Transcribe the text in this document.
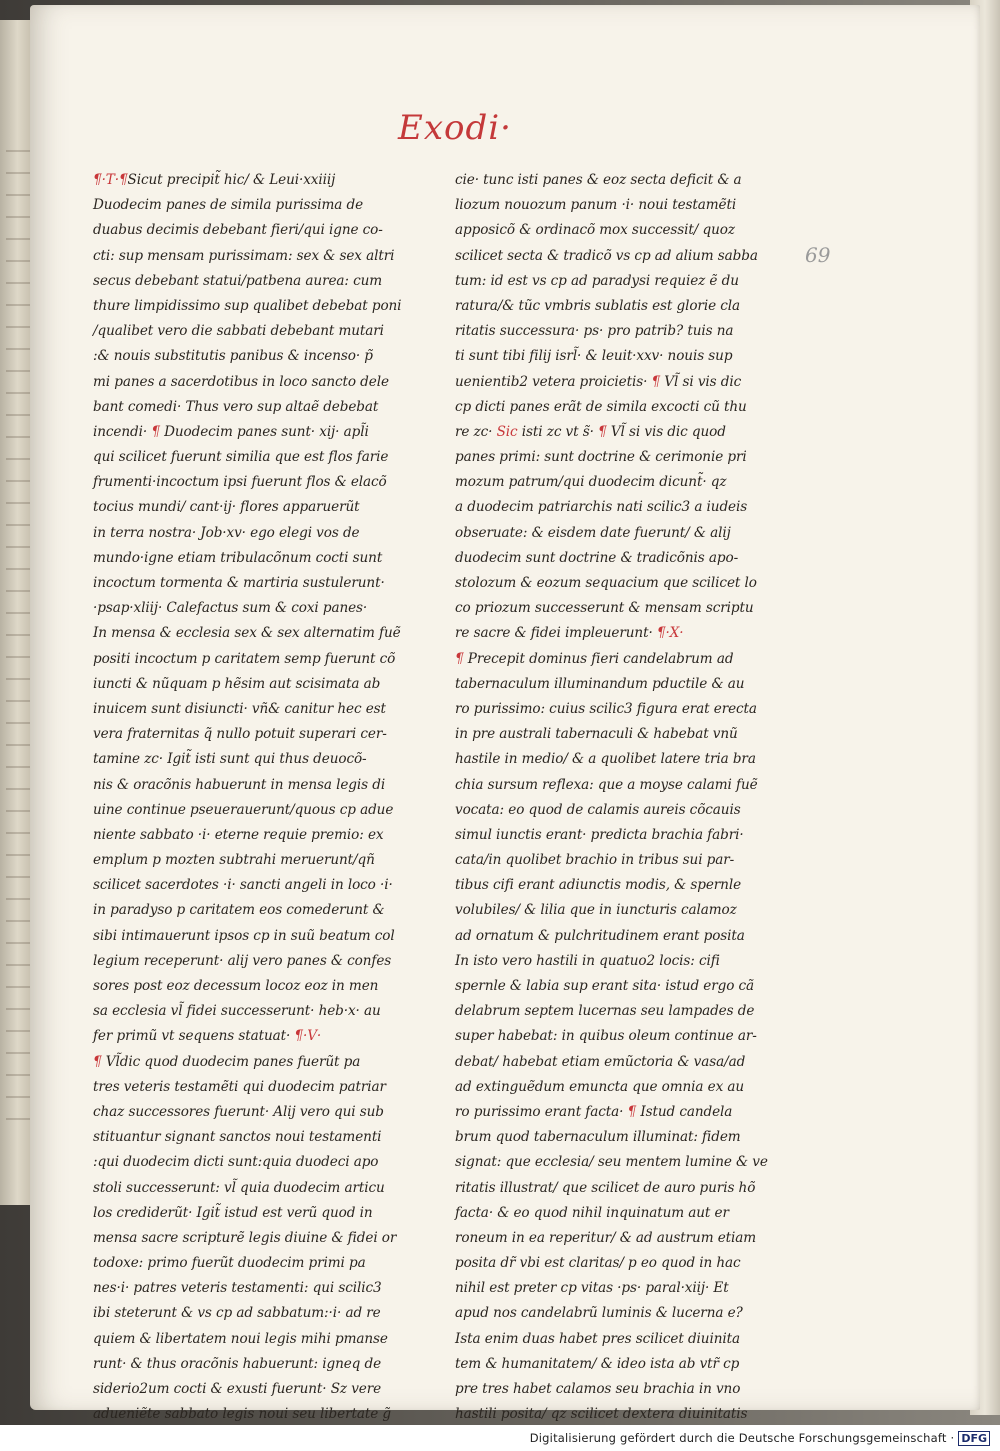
Exodi·
69
¶·T·¶Sicut precipit̃ hic/ & Leui·xxiiij
Duodecim panes de simila purissima de
duabus decimis debebant fieri/qui igne co-
cti: sup mensam purissimam: sex & sex altri
secus debebant statui/patbena aurea: cum
thure limpidissimo sup qualibet debebat poni
/qualibet vero die sabbati debebant mutari
:& nouis substitutis panibus & incenso· p̃
mi panes a sacerdotibus in loco sancto dele
bant comedi· Thus vero sup altaẽ debebat
incendi· ¶ Duodecim panes sunt· xij· apl̃i
qui scilicet fuerunt similia que est flos farie
frumenti·incoctum ipsi fuerunt flos & elacõ
tocius mundi/ cant·ij· flores apparuerũt
in terra nostra· Job·xv· ego elegi vos de
mundo·igne etiam tribulacõnum cocti sunt
incoctum tormenta & martiria sustulerunt·
·psap·xliij· Calefactus sum & coxi panes·
In mensa & ecclesia sex & sex alternatim fuẽ
positi incoctum p caritatem semp fuerunt cõ
iuncti & nũquam p hẽsim aut scisimata ab
inuicem sunt disiuncti· vñ& canitur hec est
vera fraternitas q̃ nullo potuit superari cer-
tamine zc· Igit̃ isti sunt qui thus deuocõ-
nis & oracõnis habuerunt in mensa legis di
uine continue pseuerauerunt/quous cp adue
niente sabbato ·i· eterne requie premio: ex
emplum p mozten subtrahi meruerunt/qñ
scilicet sacerdotes ·i· sancti angeli in loco ·i·
in paradyso p caritatem eos comederunt &
sibi intimauerunt ipsos cp in suũ beatum col
legium receperunt· alij vero panes & confes
sores post eoz decessum locoz eoz in men
sa ecclesia vl̃ fidei successerunt· heb·x· au
fer primũ vt sequens statuat· ¶·V·
¶ Vl̃dic quod duodecim panes fuerũt pa
tres veteris testamẽti qui duodecim patriar
chaz successores fuerunt· Alij vero qui sub
stituantur signant sanctos noui testamenti
:qui duodecim dicti sunt:quia duodeci apo
stoli successerunt: vl̃ quia duodecim articu
los crediderũt· Igit̃ istud est verũ quod in
mensa sacre scripturẽ legis diuine & fidei or
todoxe: primo fuerũt duodecim primi pa
nes·i· patres veteris testamenti: qui scilic3
ibi steterunt & vs cp ad sabbatum:·i· ad re
quiem & libertatem noui legis mihi pmanse
runt· & thus oracõnis habuerunt: igneq de
siderio2um cocti & exusti fuerunt· Sz vere
adueniẽte sabbato legis noui seu libertate g̃
cie· tunc isti panes & eoz secta deficit & a
liozum nouozum panum ·i· noui testamẽti
apposicõ & ordinacõ mox successit/ quoz
scilicet secta & tradicõ vs cp ad alium sabba
tum: id est vs cp ad paradysi requiez ẽ du
ratura/& tũc vmbris sublatis est glorie cla
ritatis successura· ps· pro patrib? tuis na
ti sunt tibi filij isrl̃· & leuit·xxv· nouis sup
uenientib2 vetera proicietis· ¶ Vl̃ si vis dic
cp dicti panes erãt de simila excocti cũ thu
re zc· Sic isti zc vt s̃· ¶ Vl̃ si vis dic quod
panes primi: sunt doctrine & cerimonie pri
mozum patrum/qui duodecim dicunt̃· qz
a duodecim patriarchis nati scilic3 a iudeis
obseruate: & eisdem date fuerunt/ & alij
duodecim sunt doctrine & tradicõnis apo-
stolozum & eozum sequacium que scilicet lo
co priozum successerunt & mensam scriptu
re sacre & fidei impleuerunt· ¶·X·
¶ Precepit dominus fieri candelabrum ad
tabernaculum illuminandum pductile & au
ro purissimo: cuius scilic3 figura erat erecta
in pre australi tabernaculi & habebat vnũ
hastile in medio/ & a quolibet latere tria bra
chia sursum reflexa: que a moyse calami fuẽ
vocata: eo quod de calamis aureis cõcauis
simul iunctis erant· predicta brachia fabri·
cata/in quolibet brachio in tribus sui par-
tibus cifi erant adiunctis modis, & spernle
volubiles/ & lilia que in iuncturis calamoz
ad ornatum & pulchritudinem erant posita
In isto vero hastili in quatuo2 locis: cifi
spernle & labia sup erant sita· istud ergo cã
delabrum septem lucernas seu lampades de
super habebat: in quibus oleum continue ar-
debat/ habebat etiam emũctoria & vasa/ad
ad extinguẽdum emuncta que omnia ex au
ro purissimo erant facta· ¶ Istud candela
brum quod tabernaculum illuminat: fidem
signat: que ecclesia/ seu mentem lumine & ve
ritatis illustrat/ que scilicet de auro puris hõ
facta· & eo quod nihil inquinatum aut er
roneum in ea reperitur/ & ad austrum etiam
posita dr̃ vbi est claritas/ p eo quod in hac
nihil est preter cp vitas ·ps· paral·xiij· Et
apud nos candelabrũ luminis & lucerna e?
Ista enim duas habet pres scilicet diuinita
tem & humanitatem/ & ideo ista ab vtr̃ cp
pre tres habet calamos seu brachia in vno
hastili posita/ qz scilicet dextera diuinitatis
Digitalisierung gefördert durch die Deutsche Forschungsgemeinschaft · DFG
